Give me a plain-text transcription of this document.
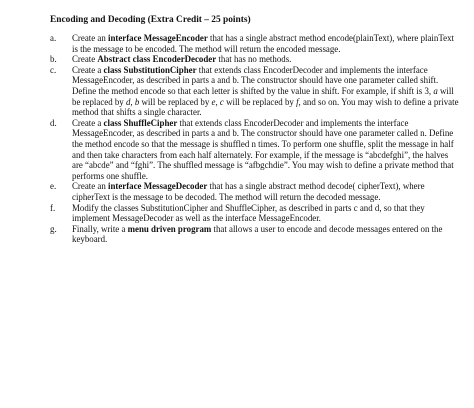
Encoding and Decoding (Extra Credit – 25 points)
a.	Create an interface MessageEncoder that has a single abstract method encode(plainText), where plainText is the message to be encoded. The method will return the encoded message.
b.	Create Abstract class EncoderDecoder that has no methods.
c.	Create a class SubstitutionCipher that extends class EncoderDecoder and implements the interface MessageEncoder, as described in parts a and b. The constructor should have one parameter called shift. Define the method encode so that each letter is shifted by the value in shift. For example, if shift is 3, a will be replaced by d, b will be replaced by e, c will be replaced by f, and so on. You may wish to define a private method that shifts a single character.
d.	Create a class ShuffleCipher that extends class EncoderDecoder and implements the interface MessageEncoder, as described in parts a and b. The constructor should have one parameter called n. Define the method encode so that the message is shuffled n times. To perform one shuffle, split the message in half and then take characters from each half alternately. For example, if the message is “abcdefghi”, the halves are “abcde” and “fghi”. The shuffled message is “afbgchdie”. You may wish to define a private method that performs one shuffle.
e.	Create an interface MessageDecoder that has a single abstract method decode( cipherText), where cipherText is the message to be decoded. The method will return the decoded message.
f.	Modify the classes SubstitutionCipher and ShuffleCipher, as described in parts c and d, so that they implement MessageDecoder as well as the interface MessageEncoder.
g.	Finally, write a menu driven program that allows a user to encode and decode messages entered on the keyboard.
